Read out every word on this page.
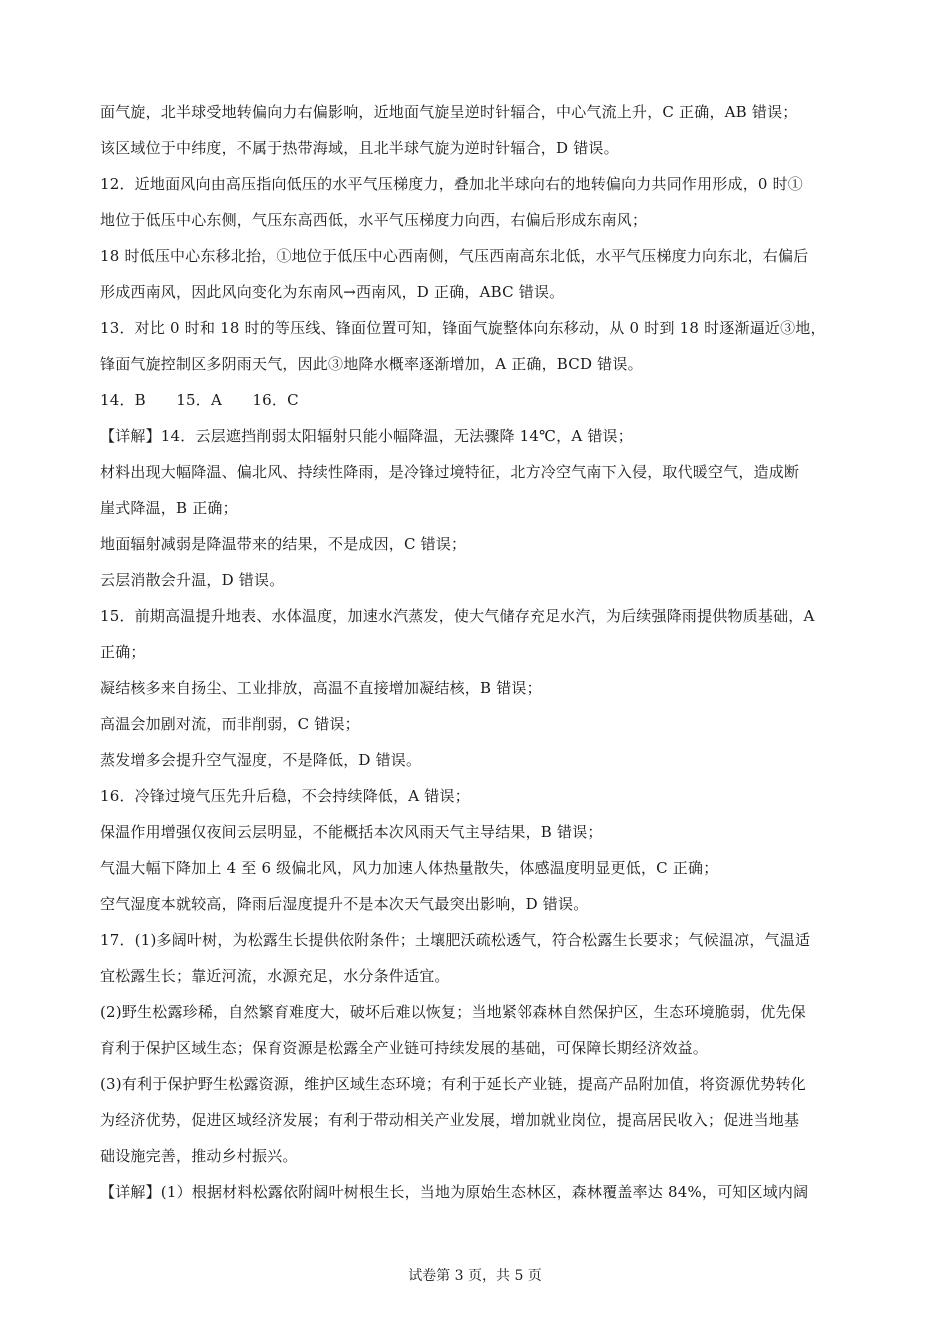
面气旋，北半球受地转偏向力右偏影响，近地面气旋呈逆时针辐合，中心气流上升，C 正确，AB 错误；
该区域位于中纬度，不属于热带海域，且北半球气旋为逆时针辐合，D 错误。
12．近地面风向由高压指向低压的水平气压梯度力，叠加北半球向右的地转偏向力共同作用形成，0 时①
地位于低压中心东侧，气压东高西低，水平气压梯度力向西，右偏后形成东南风；
18 时低压中心东移北抬，①地位于低压中心西南侧，气压西南高东北低，水平气压梯度力向东北，右偏后
形成西南风，因此风向变化为东南风→西南风，D 正确，ABC 错误。
13．对比 0 时和 18 时的等压线、锋面位置可知，锋面气旋整体向东移动，从 0 时到 18 时逐渐逼近③地，
锋面气旋控制区多阴雨天气，因此③地降水概率逐渐增加，A 正确，BCD 错误。
14．B　　15．A　　16．C
【详解】14．云层遮挡削弱太阳辐射只能小幅降温，无法骤降 14℃，A 错误；
材料出现大幅降温、偏北风、持续性降雨，是冷锋过境特征，北方冷空气南下入侵，取代暖空气，造成断
崖式降温，B 正确；
地面辐射减弱是降温带来的结果，不是成因，C 错误；
云层消散会升温，D 错误。
15．前期高温提升地表、水体温度，加速水汽蒸发，使大气储存充足水汽，为后续强降雨提供物质基础，A
正确；
凝结核多来自扬尘、工业排放，高温不直接增加凝结核，B 错误；
高温会加剧对流，而非削弱，C 错误；
蒸发增多会提升空气湿度，不是降低，D 错误。
16．冷锋过境气压先升后稳，不会持续降低，A 错误；
保温作用增强仅夜间云层明显，不能概括本次风雨天气主导结果，B 错误；
气温大幅下降加上 4 至 6 级偏北风，风力加速人体热量散失，体感温度明显更低，C 正确；
空气湿度本就较高，降雨后湿度提升不是本次天气最突出影响，D 错误。
17．(1)多阔叶树，为松露生长提供依附条件；土壤肥沃疏松透气，符合松露生长要求；气候温凉，气温适
宜松露生长；靠近河流，水源充足，水分条件适宜。
(2)野生松露珍稀，自然繁育难度大，破坏后难以恢复；当地紧邻森林自然保护区，生态环境脆弱，优先保
育利于保护区域生态；保育资源是松露全产业链可持续发展的基础，可保障长期经济效益。
(3)有利于保护野生松露资源，维护区域生态环境；有利于延长产业链，提高产品附加值，将资源优势转化
为经济优势，促进区域经济发展；有利于带动相关产业发展，增加就业岗位，提高居民收入；促进当地基
础设施完善，推动乡村振兴。
【详解】(1）根据材料松露依附阔叶树根生长，当地为原始生态林区，森林覆盖率达 84%，可知区域内阔
试卷第 3 页，共 5 页
